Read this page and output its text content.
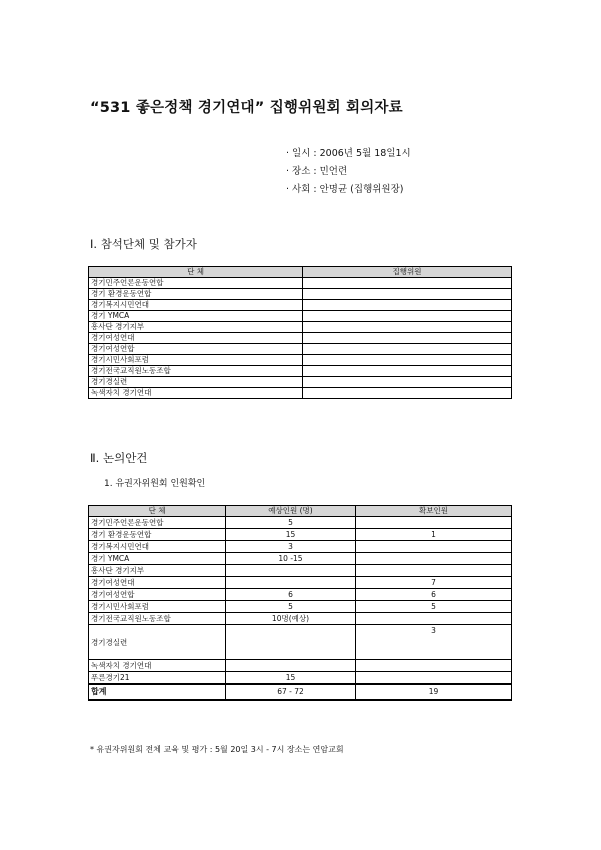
“531 좋은정책 경기연대” 집행위원회 회의자료
· 일시 : 2006년 5월 18일1시
· 장소 : 민언련
· 사회 : 안명균 (집행위원장)
Ⅰ. 참석단체 및 참가자
단 체	집행위원
경기민주언론운동연합	
경기 환경운동연합	
경기복지시민연대	
경기 YMCA	
흥사단 경기지부	
경기여성연대	
경기여성연합	
경기시민사회포럼	
경기전국교직원노동조합	
경기경실련	
녹색자치 경기연대	
Ⅱ. 논의안건
1. 유권자위원회 인원확인
단 체	예상인원 (명)	확보인원
경기민주언론운동연합	5	
경기 환경운동연합	15	1
경기복지시민연대	3	
경기 YMCA	10 -15	
흥사단 경기지부		
경기여성연대		7
경기여성연합	6	6
경기시민사회포럼	5	5
경기전국교직원노동조합	10명(예상)	
경기경실련		3
녹색자치 경기연대		
푸른경기21	15	
합계	67 - 72	19
* 유권자위원회 전체 교육 및 평가 : 5월 20일 3시 - 7시 장소는 연암교회
